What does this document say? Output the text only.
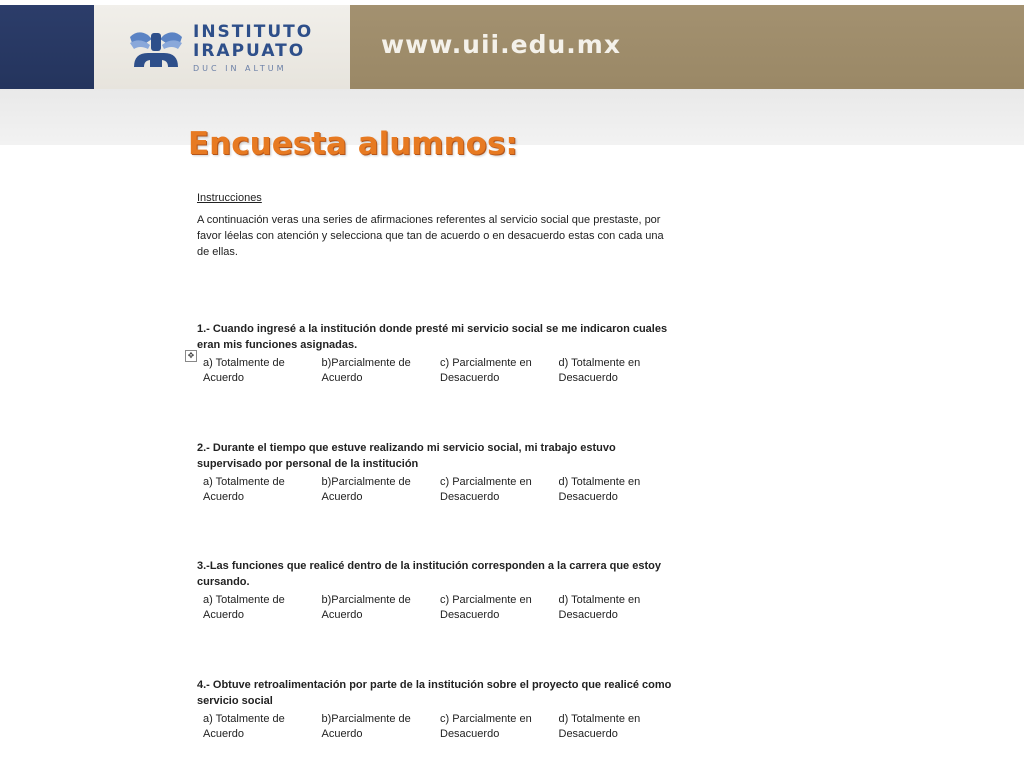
INSTITUTO
IRAPUATO
DUC IN ALTUM
www.uii.edu.mx
Encuesta alumnos:

Instrucciones

A continuación veras una series de afirmaciones referentes al servicio social que prestaste, por favor léelas con atención y selecciona que tan de acuerdo o en desacuerdo estas con cada una de ellas.

✥

1.- Cuando ingresé a la institución donde presté mi servicio social se me indicaron cuales eran mis funciones asignadas.

a) Totalmente de Acuerdo
b)Parcialmente de Acuerdo
c) Parcialmente en Desacuerdo
d) Totalmente en Desacuerdo

2.- Durante el tiempo que estuve realizando mi servicio social, mi trabajo estuvo supervisado por personal de la institución

a) Totalmente de Acuerdo
b)Parcialmente de Acuerdo
c) Parcialmente en Desacuerdo
d) Totalmente en Desacuerdo

3.-Las funciones que realicé dentro de la institución corresponden a la carrera que estoy cursando.

a) Totalmente de Acuerdo
b)Parcialmente de Acuerdo
c) Parcialmente en Desacuerdo
d) Totalmente en Desacuerdo

4.- Obtuve retroalimentación por parte de la institución sobre el proyecto que realicé como servicio social

a) Totalmente de Acuerdo
b)Parcialmente de Acuerdo
c) Parcialmente en Desacuerdo
d) Totalmente en Desacuerdo
